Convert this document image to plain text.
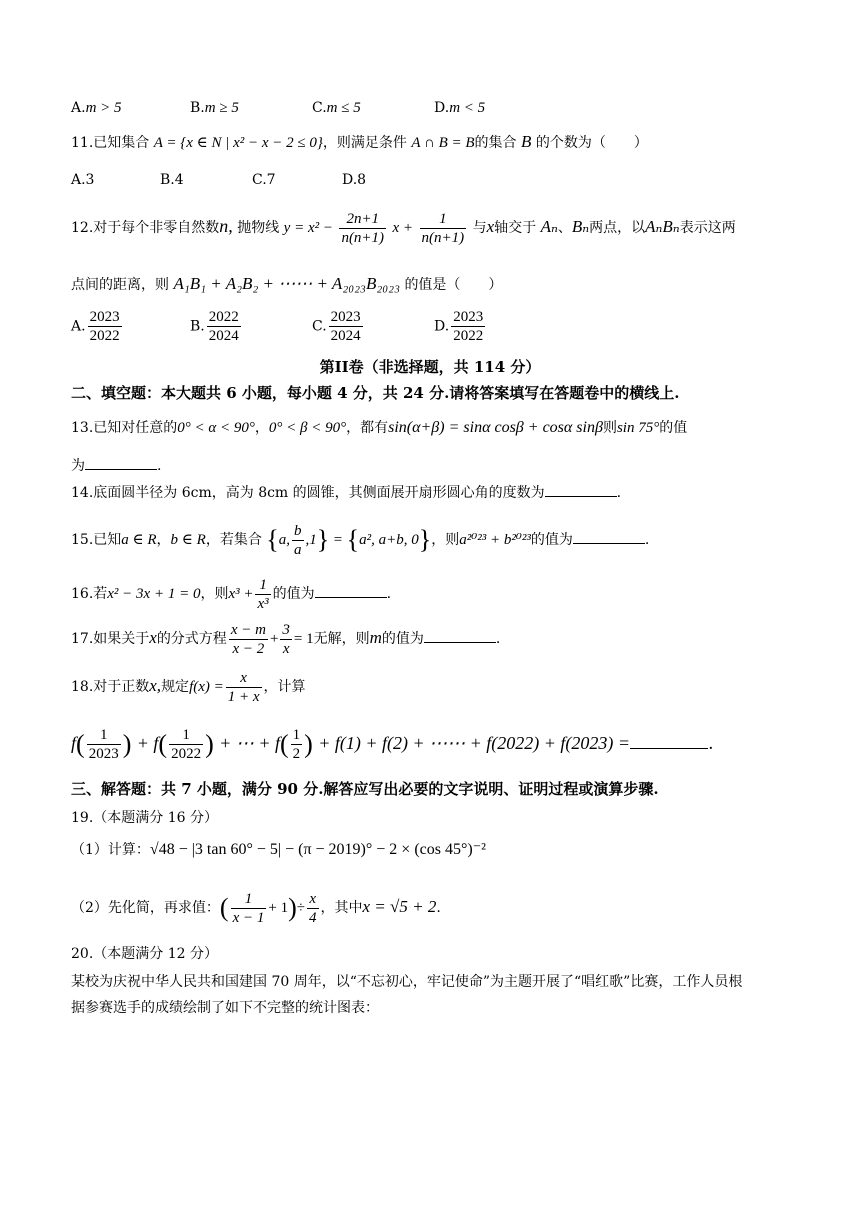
A.m > 5	B.m ≥ 5	C.m ≤ 5	D.m < 5
11.已知集合 A = {x ∈ N | x² − x − 2 ≤ 0}，则满足条件 A ∩ B = B的集合 B 的个数为（　　）
A.3	B.4	C.7	D.8
12.对于每个非零自然数n, 抛物线 $y = x^2 - \frac{2n+1}{n(n+1)}$ $x + \frac{1}{n(n+1)}$ 与x轴交于 Aₙ、Bₙ两点，以AₙBₙ表示这两
点间的距离，则 A₁B₁ + A₂B₂ + ⋯⋯ + A₂₀₂₃B₂₀₂₃ 的值是（　　）
A. $\frac{2023}{2022}$	B. $\frac{2022}{2024}$	C. $\frac{2023}{2024}$	D. $\frac{2023}{2022}$
第II卷（非选择题，共 114 分）
二、填空题：本大题共 6 小题，每小题 4 分，共 24 分.请将答案填写在答题卷中的横线上.
13.已知对任意的0° < α < 90°，0° < β < 90°，都有sin(α+β) = sinα cosβ + cosα sinβ则sin 75°的值
为	.
14.底面圆半径为 6cm，高为 8cm 的圆锥，其侧面展开扇形圆心角的度数为	.
15.已知a ∈ R，b ∈ R，若集合 {a, $\frac{b}{a} ,1\} = \{a^2$, a+b, 0}，则a²⁰²³ + b²⁰²³的值为	.
16.若x² − 3x + 1 = 0，则$x^3 + \frac{1}{\text{x³}}$ 的值为	.
17.如果关于x的分式方程 $\frac{x - m}{x - 2} + \frac{3}{x} = 1$无解，则m的值为	.
18.对于正数x,规定$f(x) = \frac{x}{1 + x}$ ，计算
$f( \frac{1}{2023}$ ) + $f( \frac{1}{2022}$ ) + ⋯ + $f( \frac{1}{2}$ ) + f(1) + f(2) + ⋯⋯ + f(2022) + f(2023) =	.
三、解答题：共 7 小题，满分 90 分.解答应写出必要的文字说明、证明过程或演算步骤.
19.（本题满分 16 分）
（1）计算：√48 − |3 tan 60° − 5| − (π − 2019)° − 2 × (cos 45°)⁻²
（2）先化简，再求值：( $\frac{1}{x - 1} + 1)\div \frac{x}{4}$ ，其中x = √5 + 2.
20.（本题满分 12 分）
某校为庆祝中华人民共和国建国 70 周年，以“不忘初心，牢记使命”为主题开展了“唱红歌”比赛，工作人员根
据参赛选手的成绩绘制了如下不完整的统计图表：
